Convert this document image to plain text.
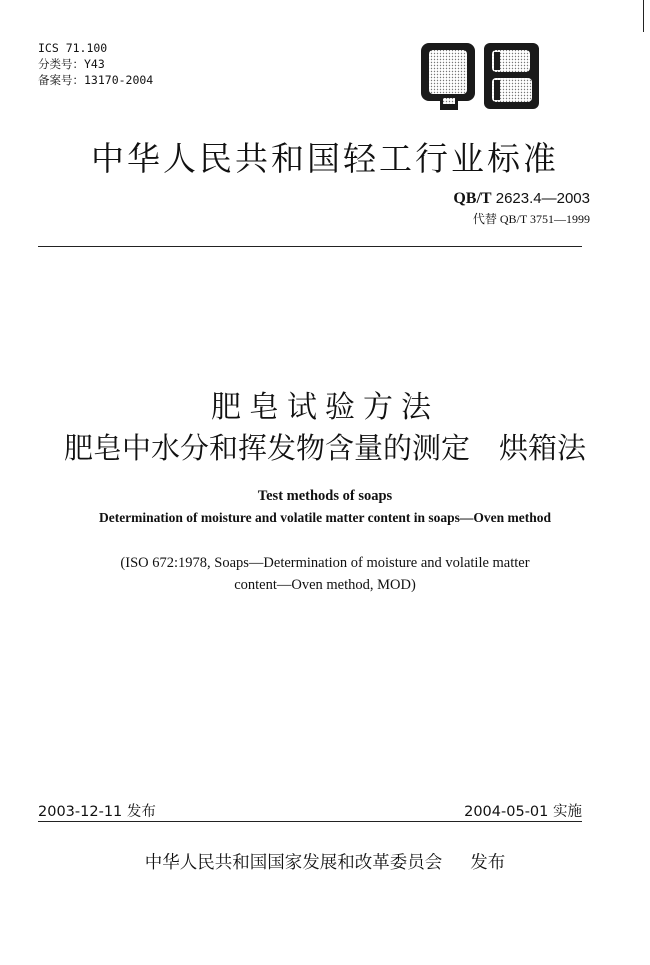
ICS 71.100
分类号：Y43
备案号：13170-2004
中华人民共和国轻工行业标准
QB/T 2623.4—2003
代替 QB/T 3751—1999
肥皂试验方法
肥皂中水分和挥发物含量的测定　烘箱法
Test methods of soaps
Determination of moisture and volatile matter content in soaps—Oven method
(ISO 672:1978, Soaps—Determination of moisture and volatile matter
content—Oven method, MOD)
2003-12-11 发布	2004-05-01 实施
中华人民共和国国家发展和改革委员会 发布
